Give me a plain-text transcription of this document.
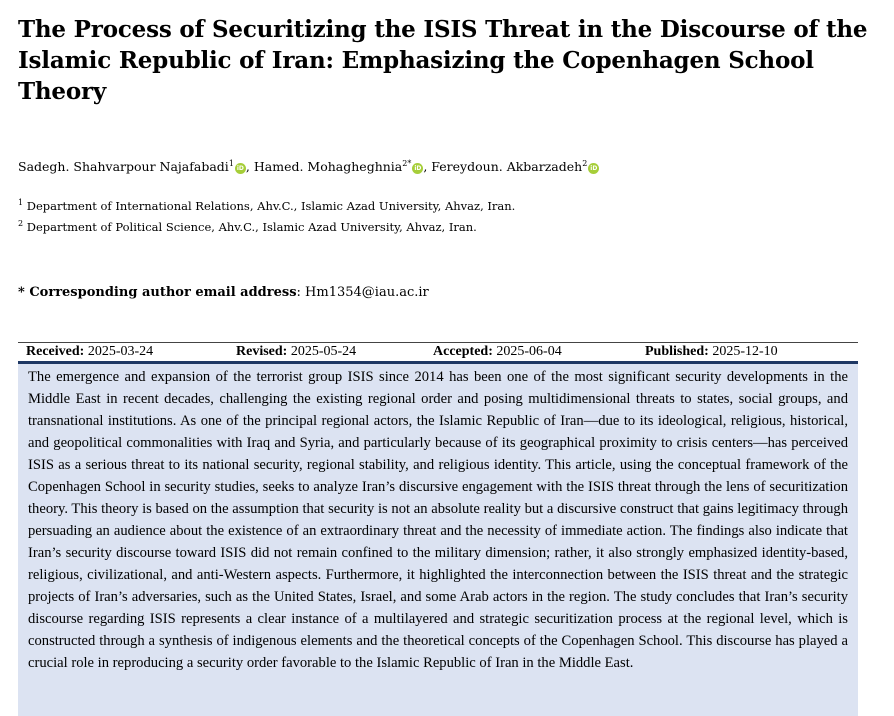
The Process of Securitizing the ISIS Threat in the Discourse of the Islamic Republic of Iran: Emphasizing the Copenhagen School Theory
Sadegh. Shahvarpour Najafabadi$^1$iD , Hamed. Mohagheghnia$^{2*}$iD , Fereydoun. Akbarzadeh$^2$iD
$^1$ Department of International Relations, Ahv.C., Islamic Azad University, Ahvaz, Iran.
$^2$ Department of Political Science, Ahv.C., Islamic Azad University, Ahvaz, Iran.
* Corresponding author email address: Hm1354@iau.ac.ir
Received: 2025-03-24	Revised: 2025-05-24	Accepted: 2025-06-04	Published: 2025-12-10

The emergence and expansion of the terrorist group ISIS since 2014 has been one of the most significant security developments in the Middle East in recent decades, challenging the existing regional order and posing multidimensional threats to states, social groups, and transnational institutions. As one of the principal regional actors, the Islamic Republic of Iran—due to its ideological, religious, historical, and geopolitical commonalities with Iraq and Syria, and particularly because of its geographical proximity to crisis centers—has perceived ISIS as a serious threat to its national security, regional stability, and religious identity. This article, using the conceptual framework of the Copenhagen School in security studies, seeks to analyze Iran’s discursive engagement with the ISIS threat through the lens of securitization theory. This theory is based on the assumption that security is not an absolute reality but a discursive construct that gains legitimacy through persuading an audience about the existence of an extraordinary threat and the necessity of immediate action. The findings also indicate that Iran’s security discourse toward ISIS did not remain confined to the military dimension; rather, it also strongly emphasized identity-based, religious, civilizational, and anti-Western aspects. Furthermore, it highlighted the interconnection between the ISIS threat and the strategic projects of Iran’s adversaries, such as the United States, Israel, and some Arab actors in the region. The study concludes that Iran’s security discourse regarding ISIS represents a clear instance of a multilayered and strategic securitization process at the regional level, which is constructed through a synthesis of indigenous elements and the theoretical concepts of the Copenhagen School. This discourse has played a crucial role in reproducing a security order favorable to the Islamic Republic of Iran in the Middle East.
